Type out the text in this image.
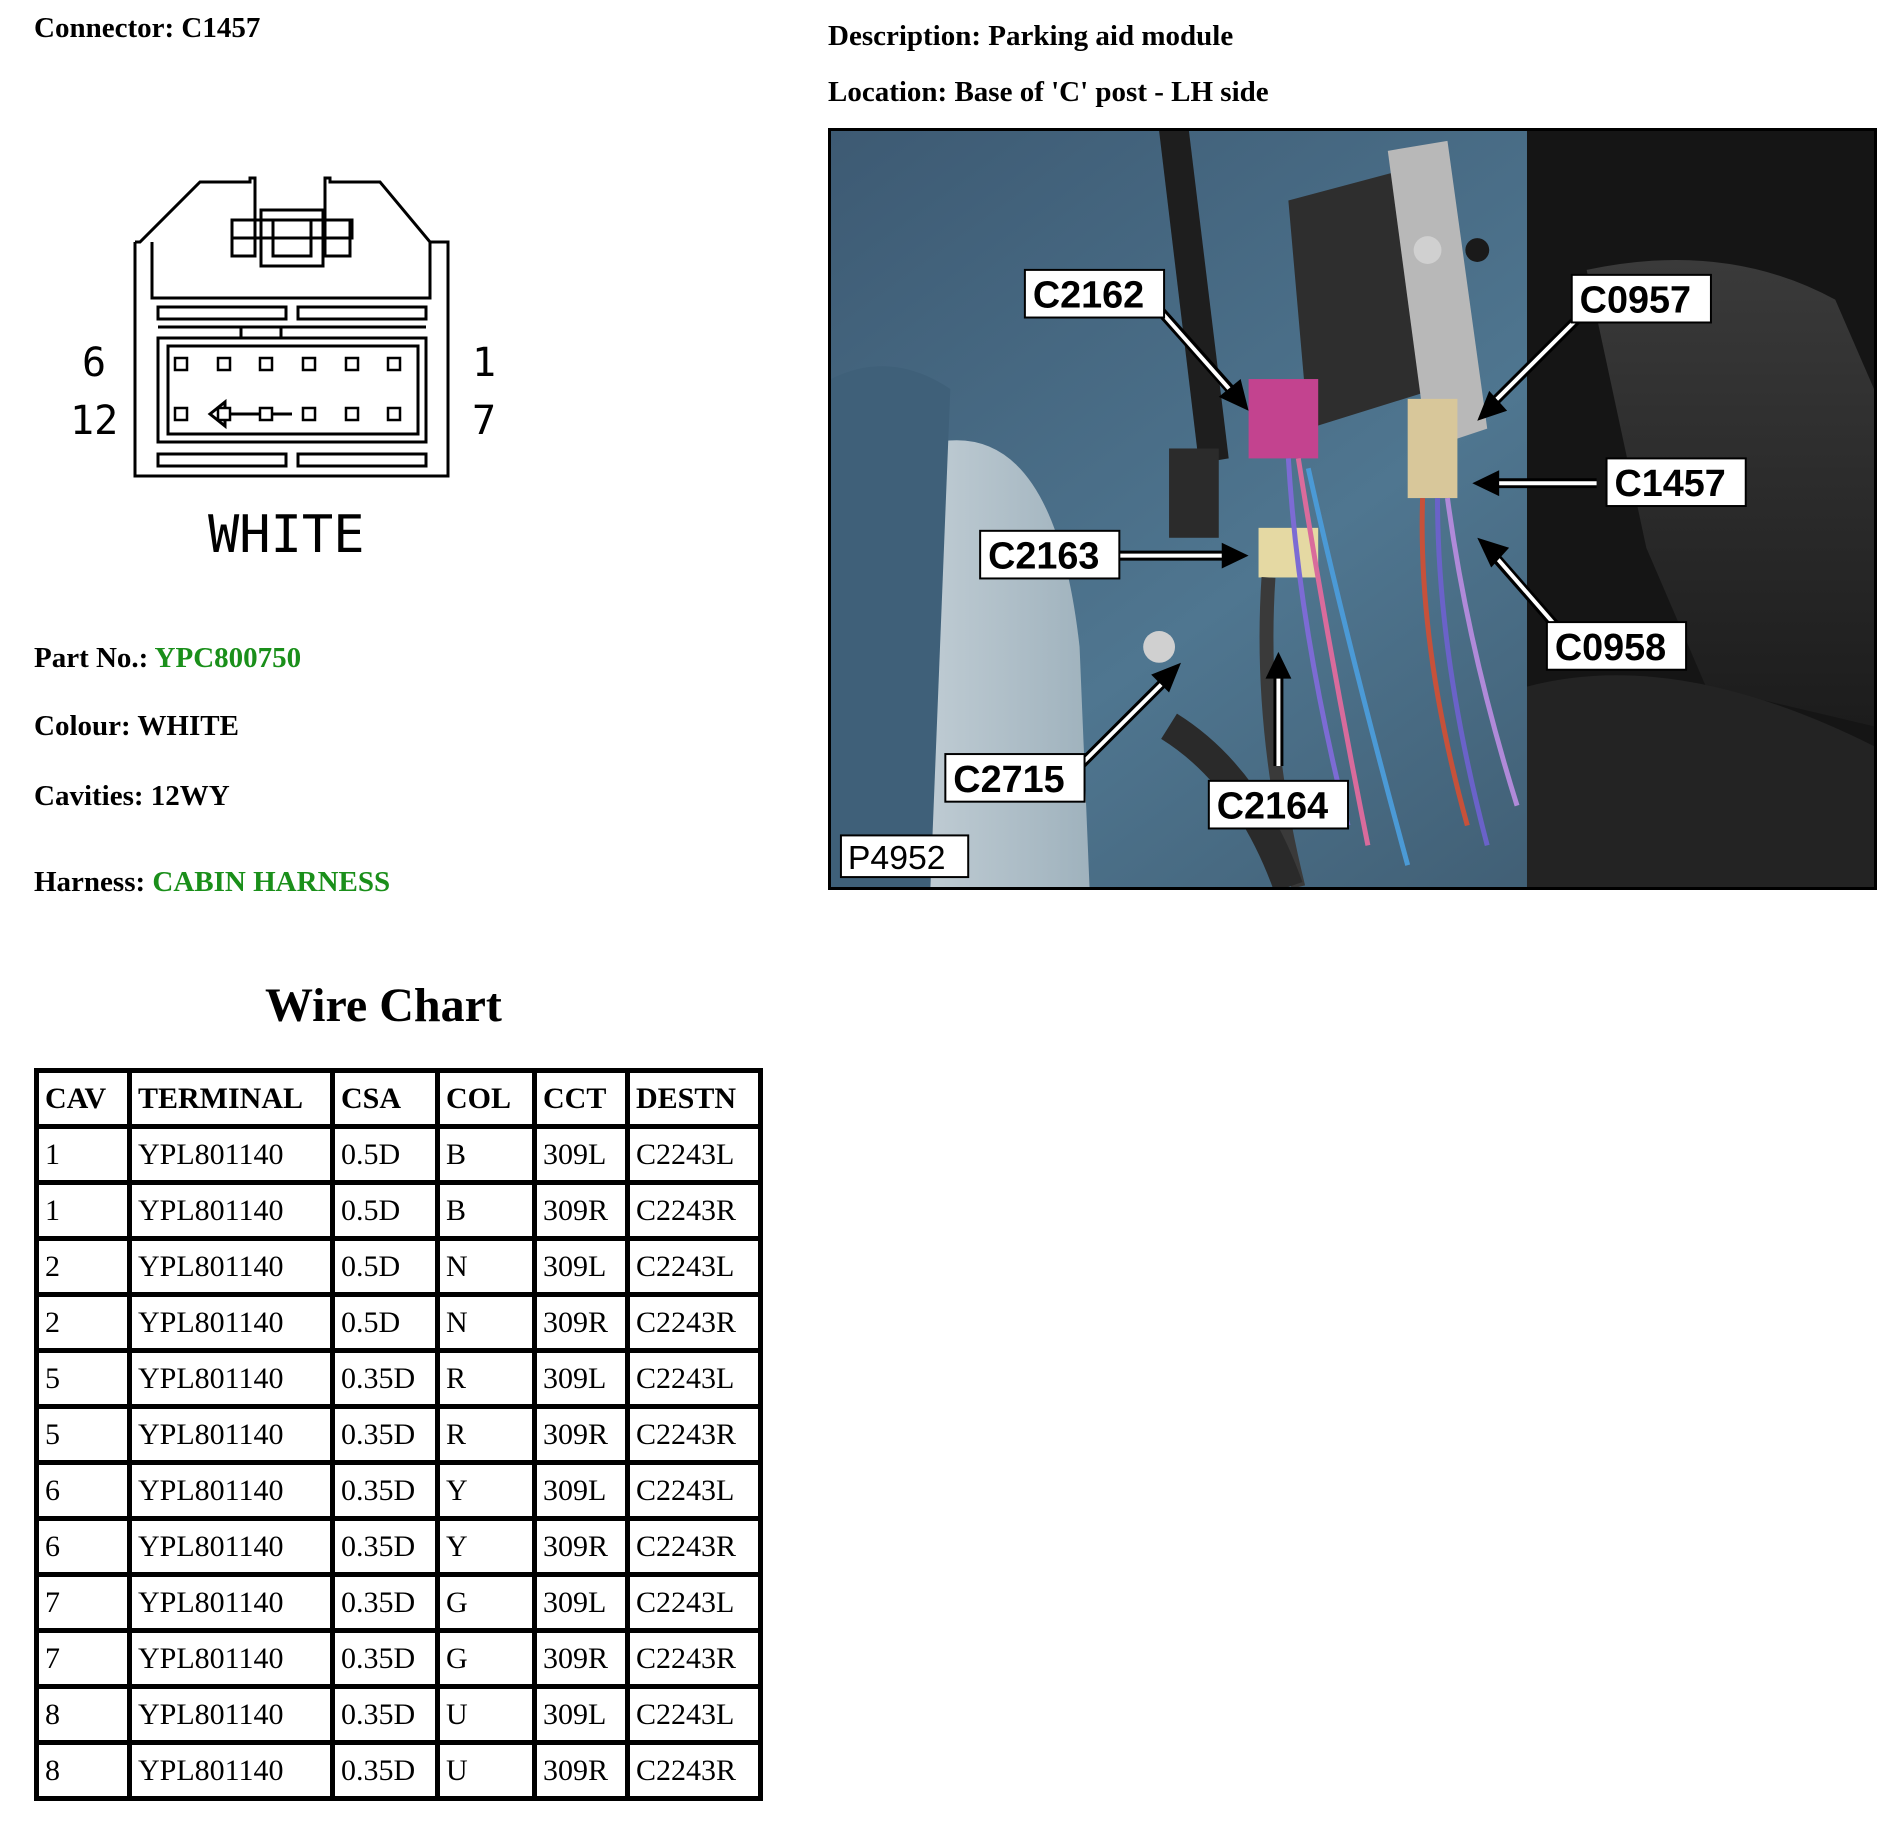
Connector: C1457	Description: Parking aid module
Location: Base of 'C' post - LH side
6
12
1
7
WHITE
Part No.: YPC800750
Colour: WHITE
Cavities: 12WY
Harness: CABIN HARNESS
C2162	C0957
C1457
C2163
C0958
C2715
C2164
P4952
Wire Chart
CAV	TERMINAL	CSA	COL	CCT	DESTN
1	YPL801140	0.5D	B	309L	C2243L
1	YPL801140	0.5D	B	309R	C2243R
2	YPL801140	0.5D	N	309L	C2243L
2	YPL801140	0.5D	N	309R	C2243R
5	YPL801140	0.35D	R	309L	C2243L
5	YPL801140	0.35D	R	309R	C2243R
6	YPL801140	0.35D	Y	309L	C2243L
6	YPL801140	0.35D	Y	309R	C2243R
7	YPL801140	0.35D	G	309L	C2243L
7	YPL801140	0.35D	G	309R	C2243R
8	YPL801140	0.35D	U	309L	C2243L
8	YPL801140	0.35D	U	309R	C2243R
